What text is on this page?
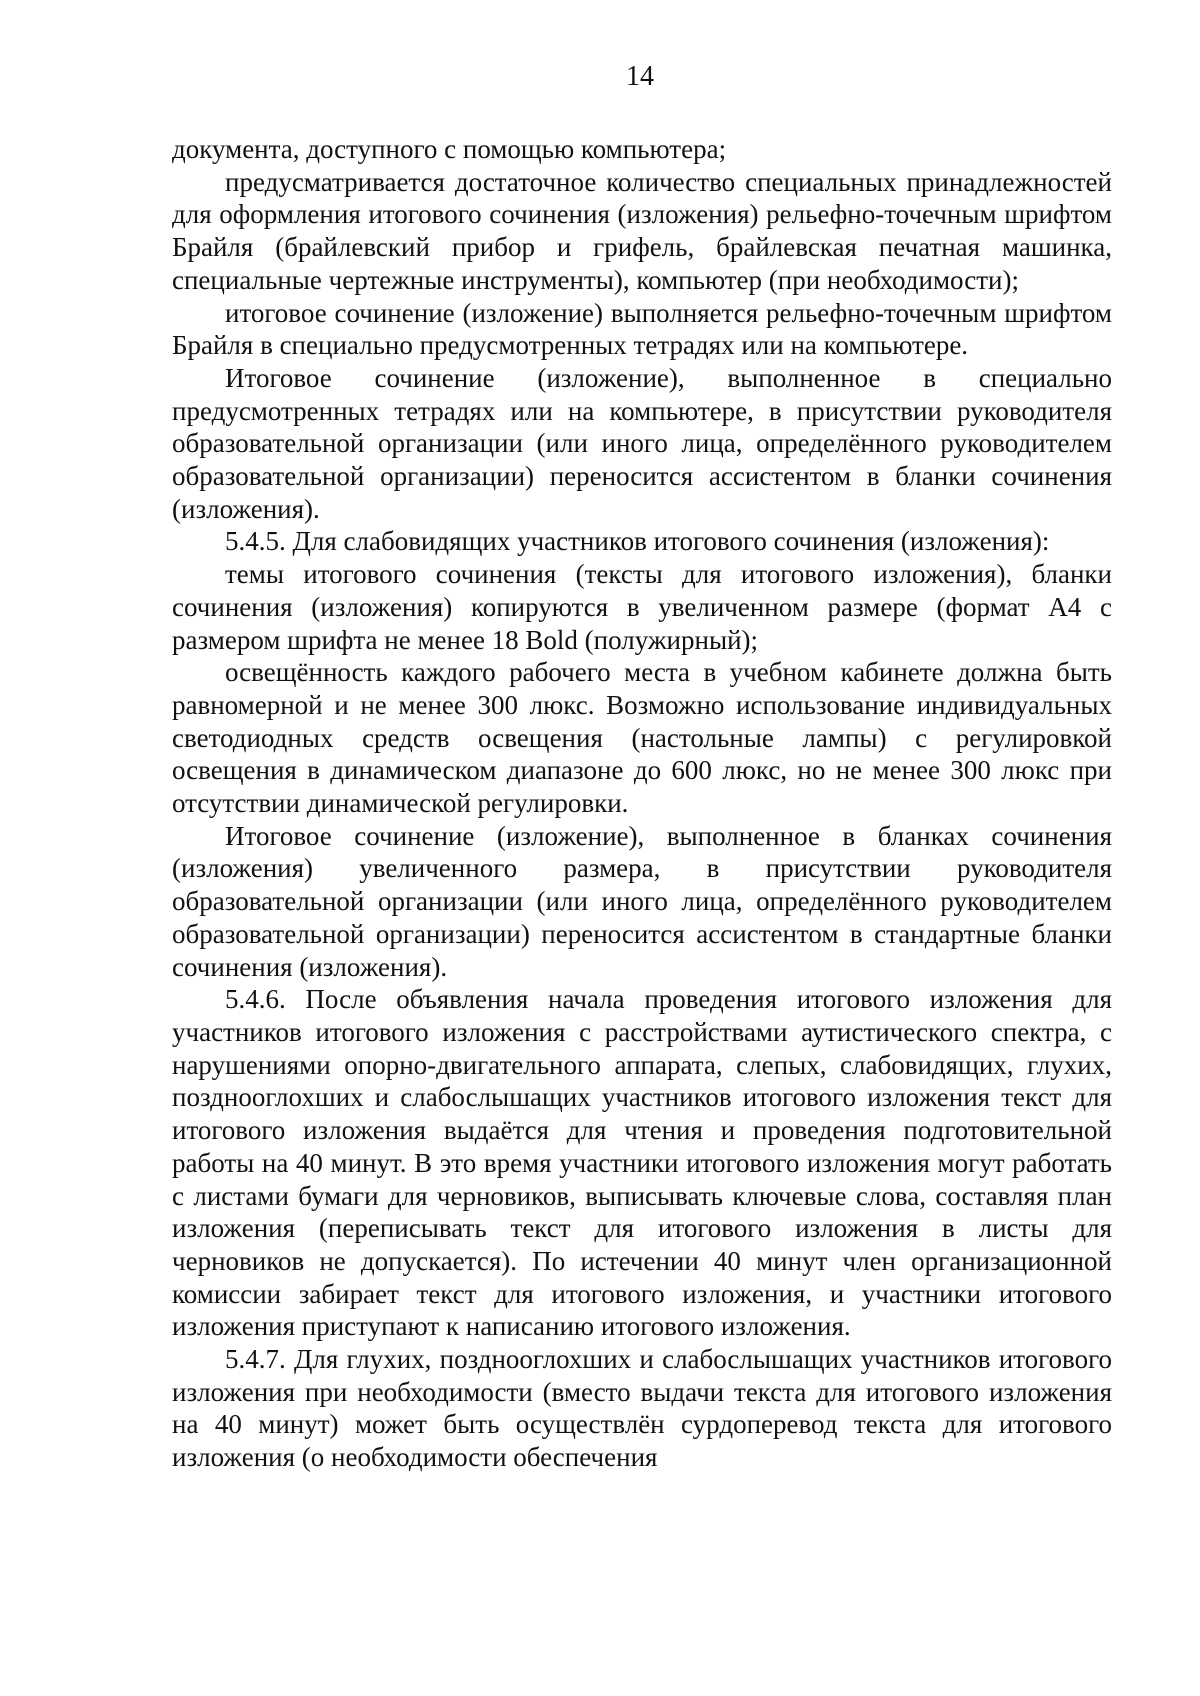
14

документа, доступного с помощью компьютера;

предусматривается достаточное количество специальных принадлежностей для оформления итогового сочинения (изложения) рельефно-точечным шрифтом Брайля (брайлевский прибор и грифель, брайлевская печатная машинка, специальные чертежные инструменты), компьютер (при необходимости);

итоговое сочинение (изложение) выполняется рельефно-точечным шрифтом Брайля в специально предусмотренных тетрадях или на компьютере.

Итоговое сочинение (изложение), выполненное в специально предусмотренных тетрадях или на компьютере, в присутствии руководителя образовательной организации (или иного лица, определённого руководителем образовательной организации) переносится ассистентом в бланки сочинения (изложения).

5.4.5. Для слабовидящих участников итогового сочинения (изложения):

темы итогового сочинения (тексты для итогового изложения), бланки сочинения (изложения) копируются в увеличенном размере (формат А4 с размером шрифта не менее 18 Bold (полужирный);

освещённость каждого рабочего места в учебном кабинете должна быть равномерной и не менее 300 люкс. Возможно использование индивидуальных светодиодных средств освещения (настольные лампы) с регулировкой освещения в динамическом диапазоне до 600 люкс, но не менее 300 люкс при отсутствии динамической регулировки.

Итоговое сочинение (изложение), выполненное в бланках сочинения (изложения) увеличенного размера, в присутствии руководителя образовательной организации (или иного лица, определённого руководителем образовательной организации) переносится ассистентом в стандартные бланки сочинения (изложения).

5.4.6. После объявления начала проведения итогового изложения для участников итогового изложения с расстройствами аутистического спектра, с нарушениями опорно-двигательного аппарата, слепых, слабовидящих, глухих, позднооглохших и слабослышащих участников итогового изложения текст для итогового изложения выдаётся для чтения и проведения подготовительной работы на 40 минут. В это время участники итогового изложения могут работать с листами бумаги для черновиков, выписывать ключевые слова, составляя план изложения (переписывать текст для итогового изложения в листы для черновиков не допускается). По истечении 40 минут член организационной комиссии забирает текст для итогового изложения, и участники итогового изложения приступают к написанию итогового изложения.

5.4.7. Для глухих, позднооглохших и слабослышащих участников итогового изложения при необходимости (вместо выдачи текста для итогового изложения на 40 минут) может быть осуществлён сурдоперевод текста для итогового изложения (о необходимости обеспечения
